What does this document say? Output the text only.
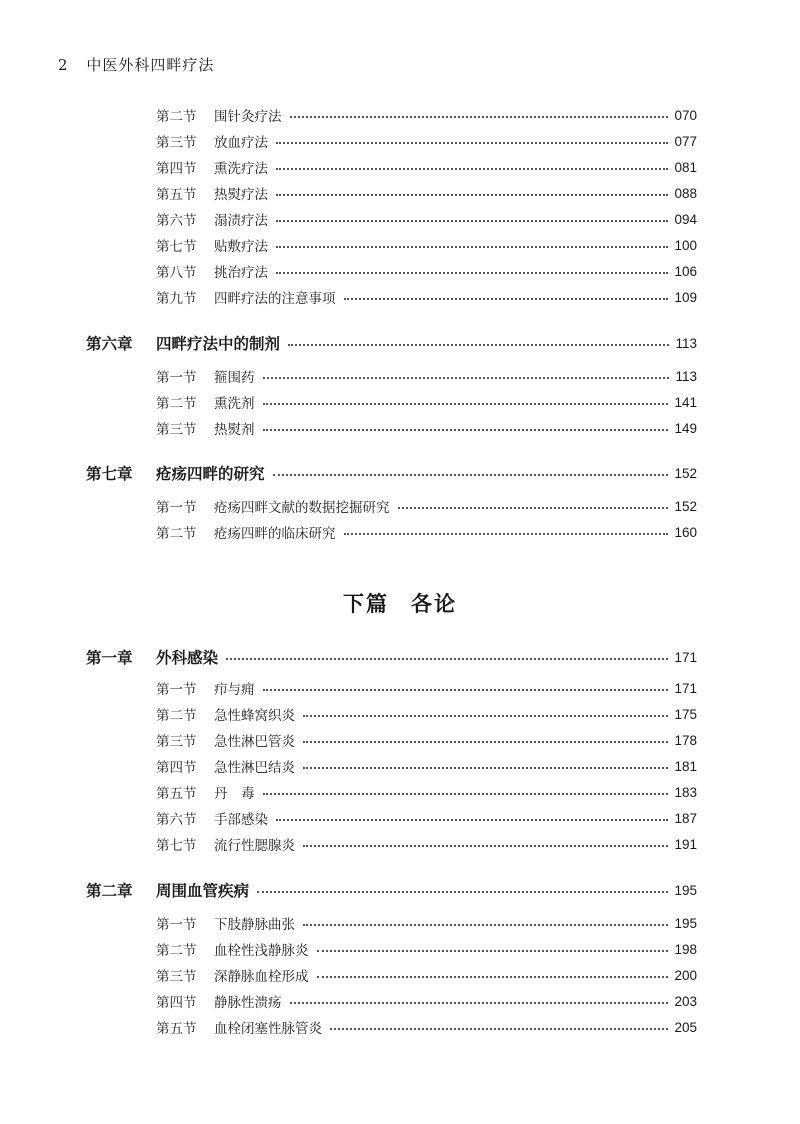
2 中医外科四畔疗法
下篇 各论
第二节	围针灸疗法	070
第三节	放血疗法	077
第四节	熏洗疗法	081
第五节	热熨疗法	088
第六节	溻渍疗法	094
第七节	贴敷疗法	100
第八节	挑治疗法	106
第九节	四畔疗法的注意事项	109
第六章	四畔疗法中的制剂	113
第一节	箍围药	113
第二节	熏洗剂	141
第三节	热熨剂	149
第七章	疮疡四畔的研究	152
第一节	疮疡四畔文献的数据挖掘研究	152
第二节	疮疡四畔的临床研究	160
第一章	外科感染	171
第一节	疖与痈	171
第二节	急性蜂窝织炎	175
第三节	急性淋巴管炎	178
第四节	急性淋巴结炎	181
第五节	丹　毒	183
第六节	手部感染	187
第七节	流行性腮腺炎	191
第二章	周围血管疾病	195
第一节	下肢静脉曲张	195
第二节	血栓性浅静脉炎	198
第三节	深静脉血栓形成	200
第四节	静脉性溃疡	203
第五节	血栓闭塞性脉管炎	205
